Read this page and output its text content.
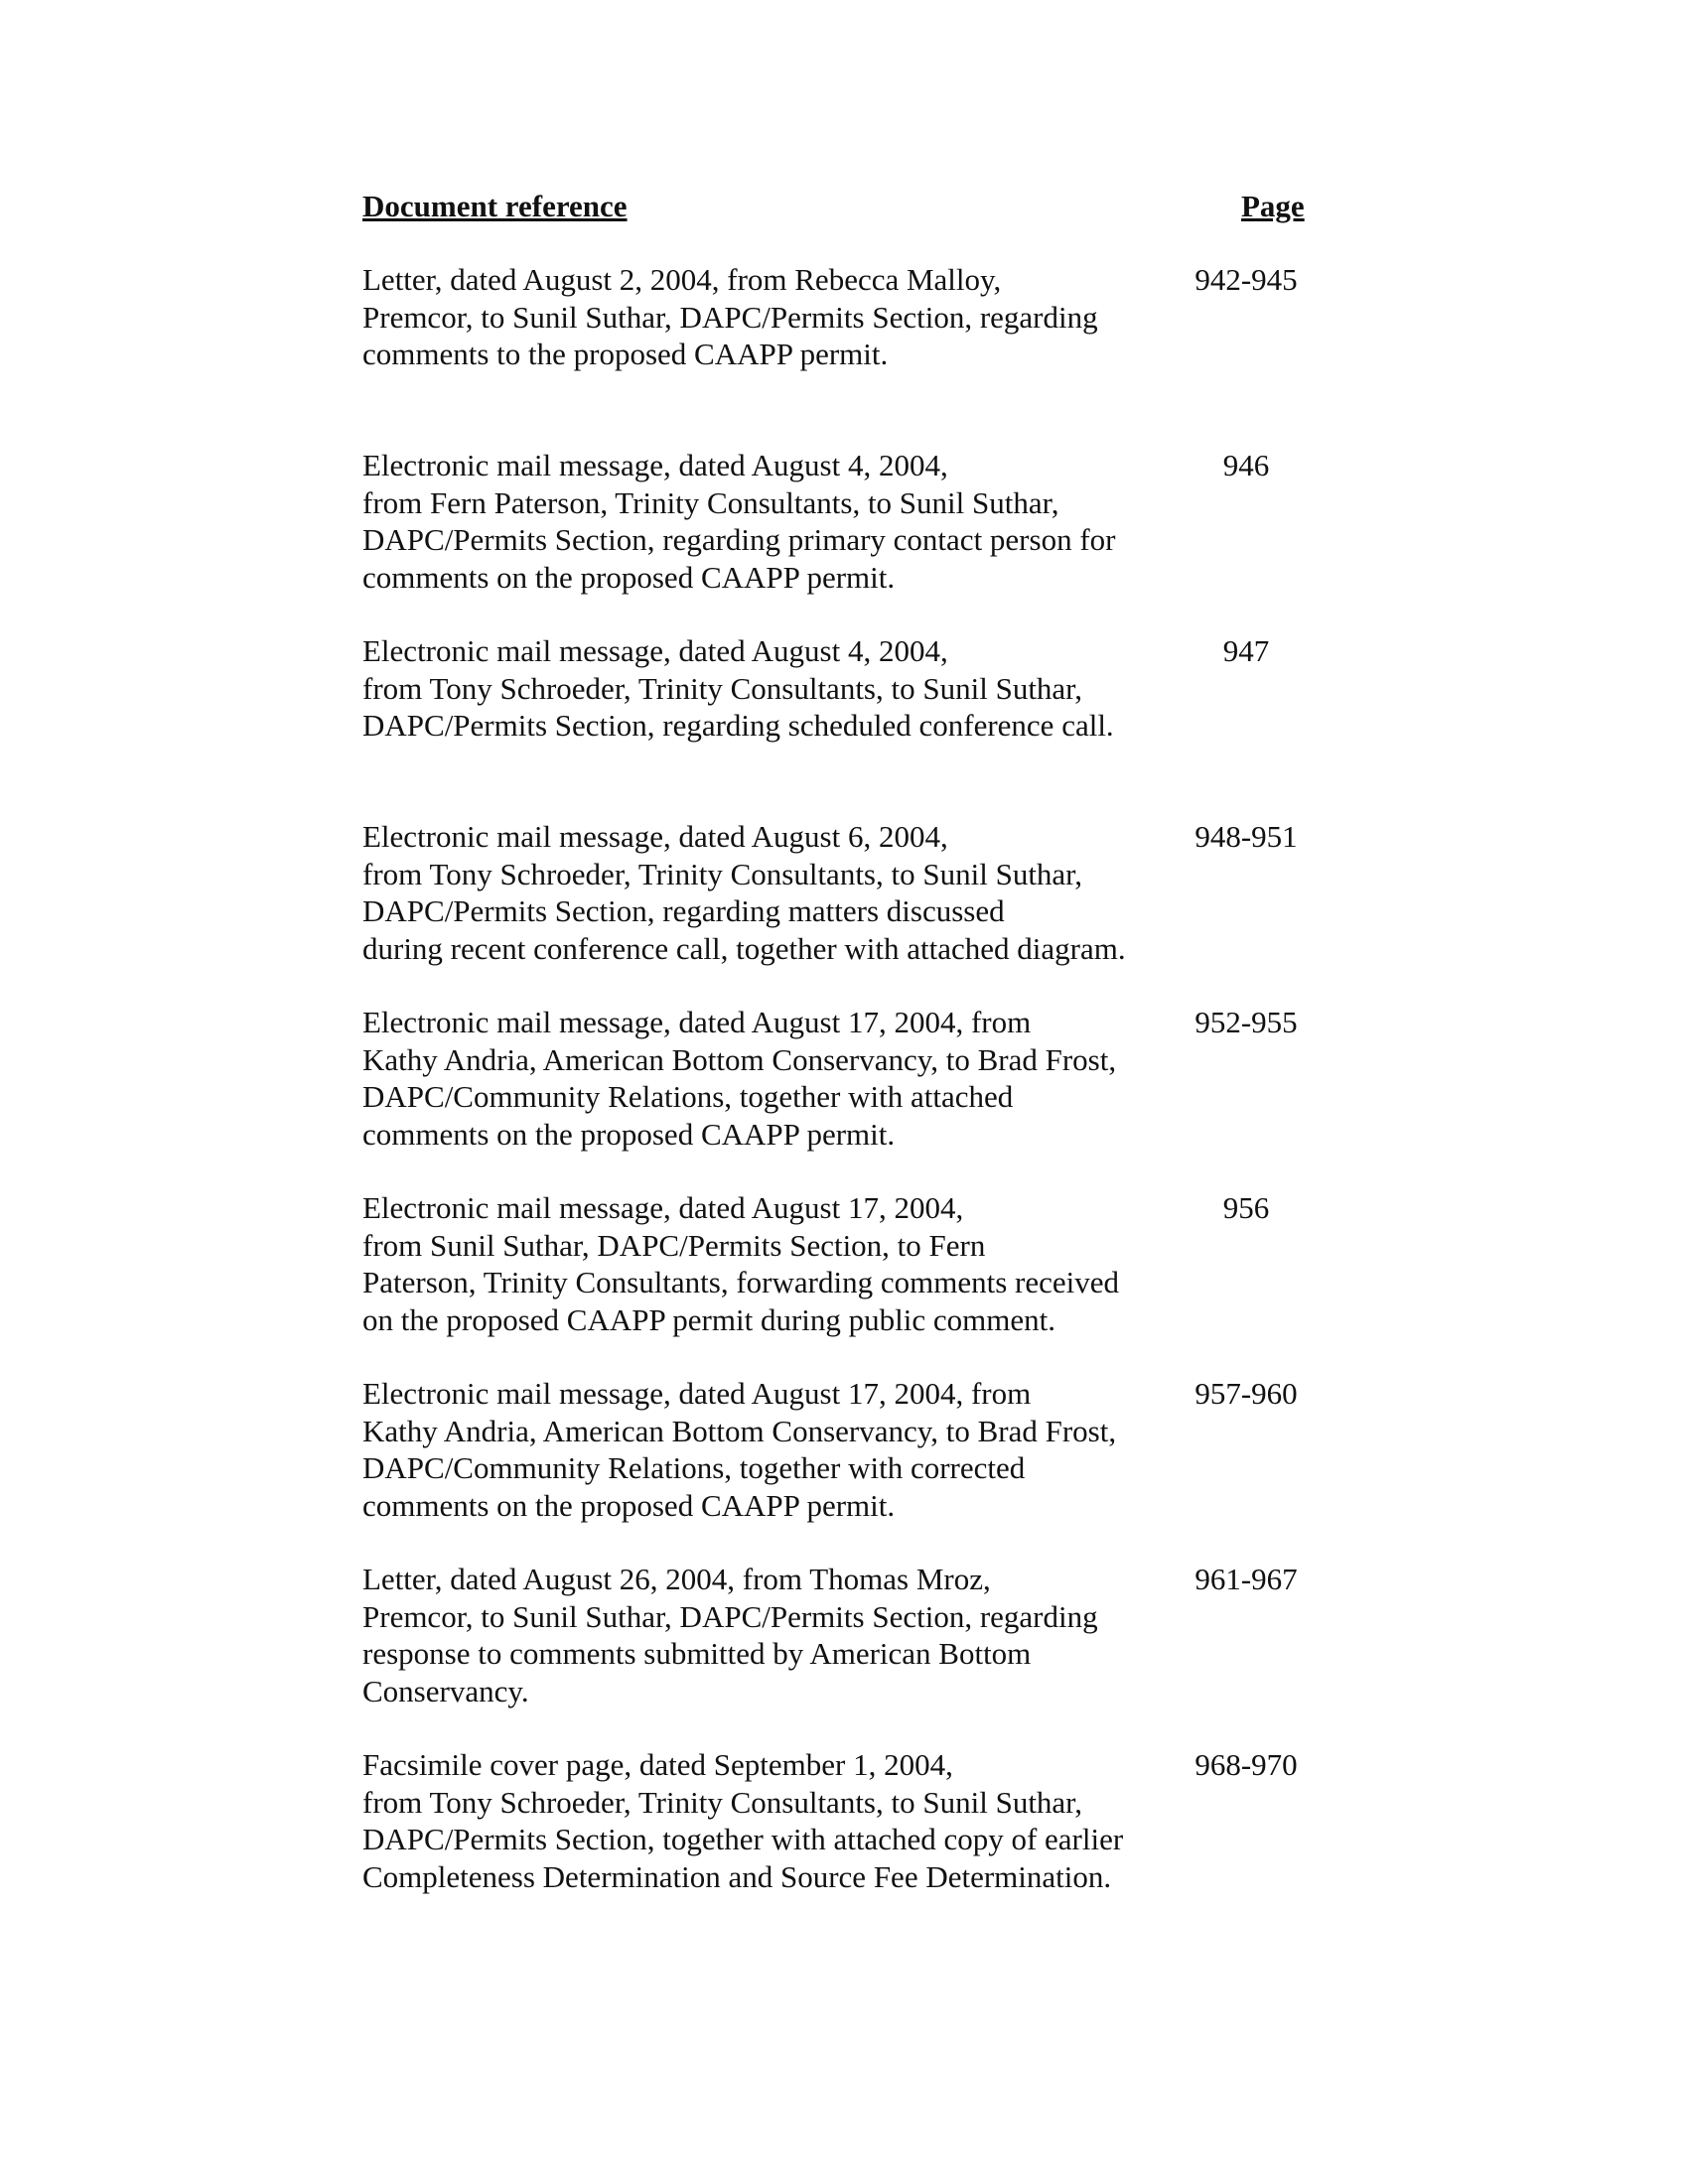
Document reference	Page
Letter, dated August 2, 2004, from Rebecca Malloy,
Premcor, to Sunil Suthar, DAPC/Permits Section, regarding
comments to the proposed CAAPP permit.
942-945
Electronic mail message, dated August 4, 2004,
from Fern Paterson, Trinity Consultants, to Sunil Suthar,
DAPC/Permits Section, regarding primary contact person for
comments on the proposed CAAPP permit.
946
Electronic mail message, dated August 4, 2004,
from Tony Schroeder, Trinity Consultants, to Sunil Suthar,
DAPC/Permits Section, regarding scheduled conference call.
947
Electronic mail message, dated August 6, 2004,
from Tony Schroeder, Trinity Consultants, to Sunil Suthar,
DAPC/Permits Section, regarding matters discussed
during recent conference call, together with attached diagram.
948-951
Electronic mail message, dated August 17, 2004, from
Kathy Andria, American Bottom Conservancy, to Brad Frost,
DAPC/Community Relations, together with attached
comments on the proposed CAAPP permit.
952-955
Electronic mail message, dated August 17, 2004,
from Sunil Suthar, DAPC/Permits Section, to Fern
Paterson, Trinity Consultants, forwarding comments received
on the proposed CAAPP permit during public comment.
956
Electronic mail message, dated August 17, 2004, from
Kathy Andria, American Bottom Conservancy, to Brad Frost,
DAPC/Community Relations, together with corrected
comments on the proposed CAAPP permit.
957-960
Letter, dated August 26, 2004, from Thomas Mroz,
Premcor, to Sunil Suthar, DAPC/Permits Section, regarding
response to comments submitted by American Bottom
Conservancy.
961-967
Facsimile cover page, dated September 1, 2004,
from Tony Schroeder, Trinity Consultants, to Sunil Suthar,
DAPC/Permits Section, together with attached copy of earlier
Completeness Determination and Source Fee Determination.
968-970
